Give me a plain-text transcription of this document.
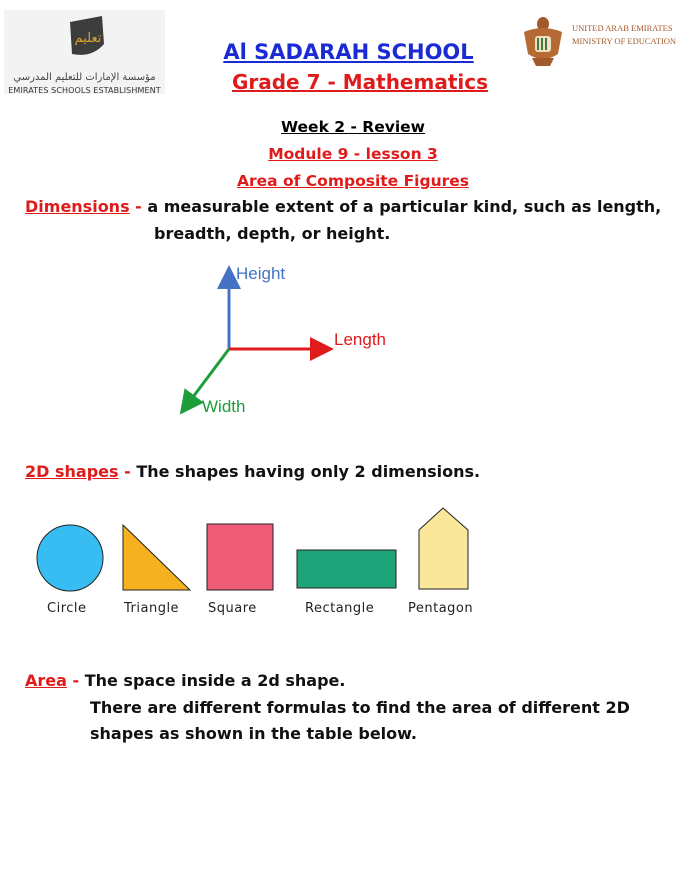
تعليم
مؤسسة الإمارات للتعليم المدرسي
EMIRATES SCHOOLS ESTABLISHMENT
UNITED ARAB EMIRATES
MINISTRY OF EDUCATION
Al SADARAH SCHOOL
Grade 7 - Mathematics
Week 2 - Review
Module 9 - lesson 3
Area of Composite Figures
Dimensions - a measurable extent of a particular kind, such as length,
breadth, depth, or height.
Height
Length
Width
2D shapes - The shapes having only 2 dimensions.
Circle	Triangle Square	Rectangle	Pentagon
Area - The space inside a 2d shape.
There are different formulas to find the area of different 2D
shapes as shown in the table below.
